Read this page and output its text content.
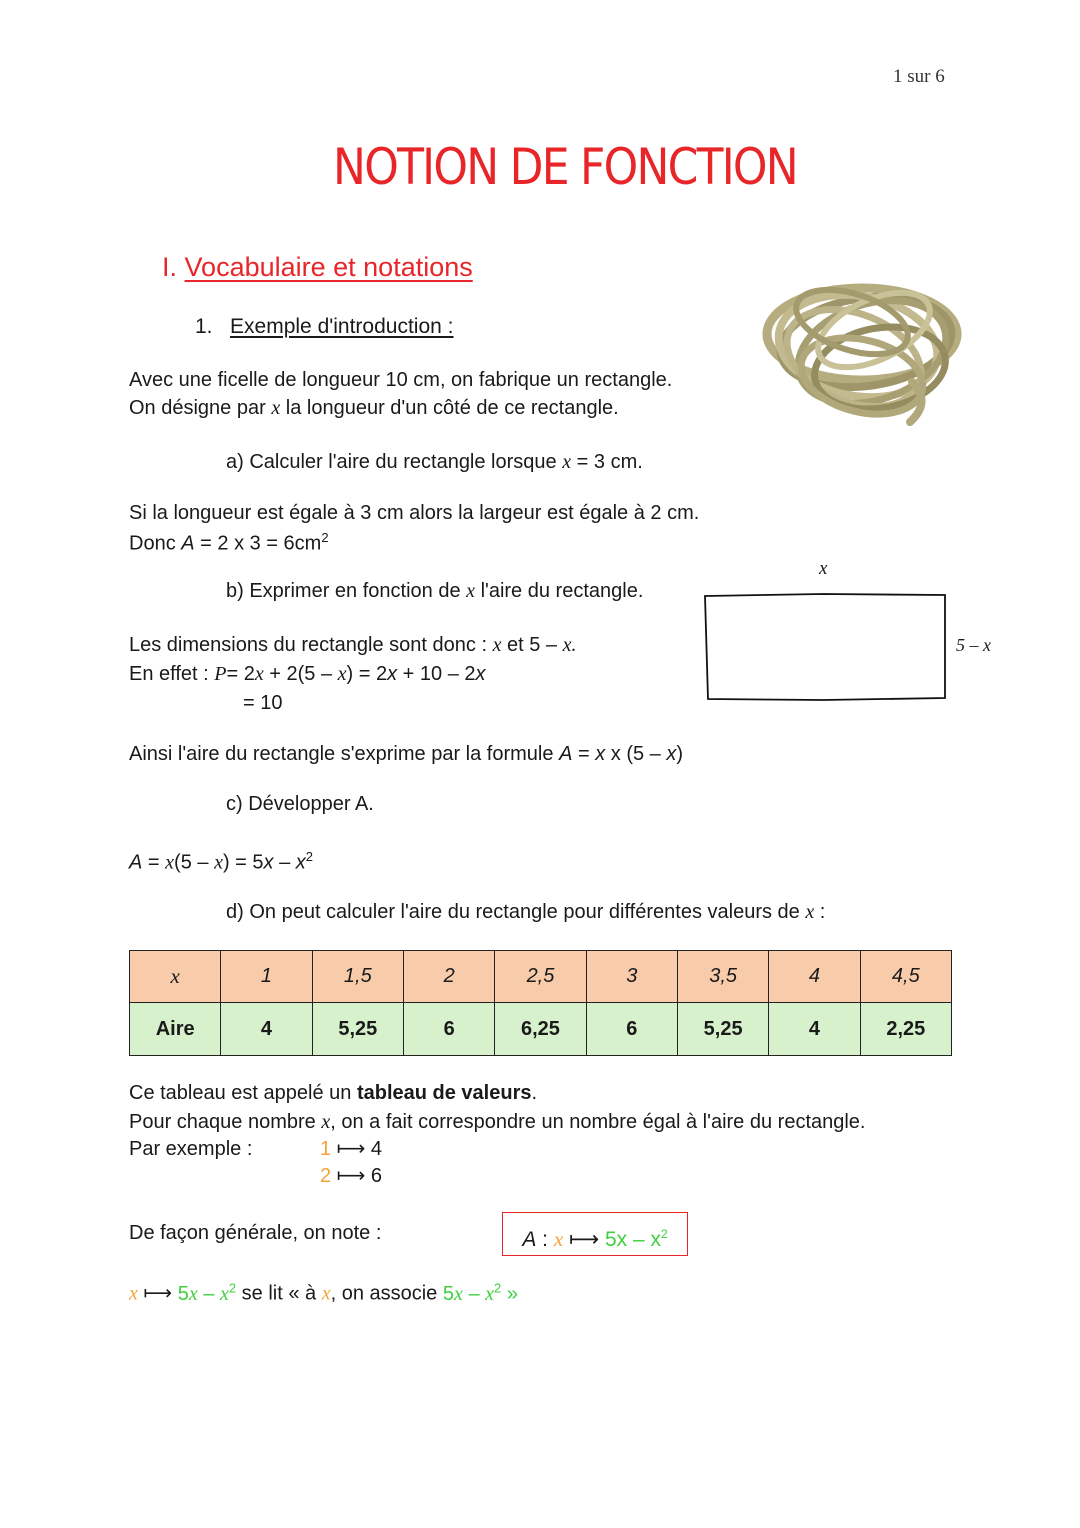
1 sur 6
NOTION DE FONCTION
I. Vocabulaire et notations
1. Exemple d'introduction :
Avec une ficelle de longueur 10 cm, on fabrique un rectangle.
On désigne par x la longueur d'un côté de ce rectangle.
a) Calculer l'aire du rectangle lorsque x = 3 cm.
Si la longueur est égale à 3 cm alors la largeur est égale à 2 cm.
Donc A = 2 x $3 = 6cm^2$
b) Exprimer en fonction de x l'aire du rectangle.
x
5 – x
Les dimensions du rectangle sont donc : x et 5 – x.
En effet : P= 2x + 2(5 – x) = 2x + 10 – 2x
= 10
Ainsi l'aire du rectangle s'exprime par la formule A = x x (5 – x)
c) Développer A.
$A = x(5 - x) = 5x - x^2$
d) On peut calculer l'aire du rectangle pour différentes valeurs de x :
x	1	1,5	2	2,5	3	3,5	4	4,5
Aire	4	5,25	6	6,25	6	5,25	4	2,25
Ce tableau est appelé un tableau de valeurs.
Pour chaque nombre x, on a fait correspondre un nombre égal à l'aire du rectangle.
Par exemple :	1 ⟼ 4
2 ⟼ 6
De façon générale, on note :	A : x ⟼ $5x - x^2$
x ⟼ $5x - x^2$ se lit « à x, on associe $5x - x^2$ »
